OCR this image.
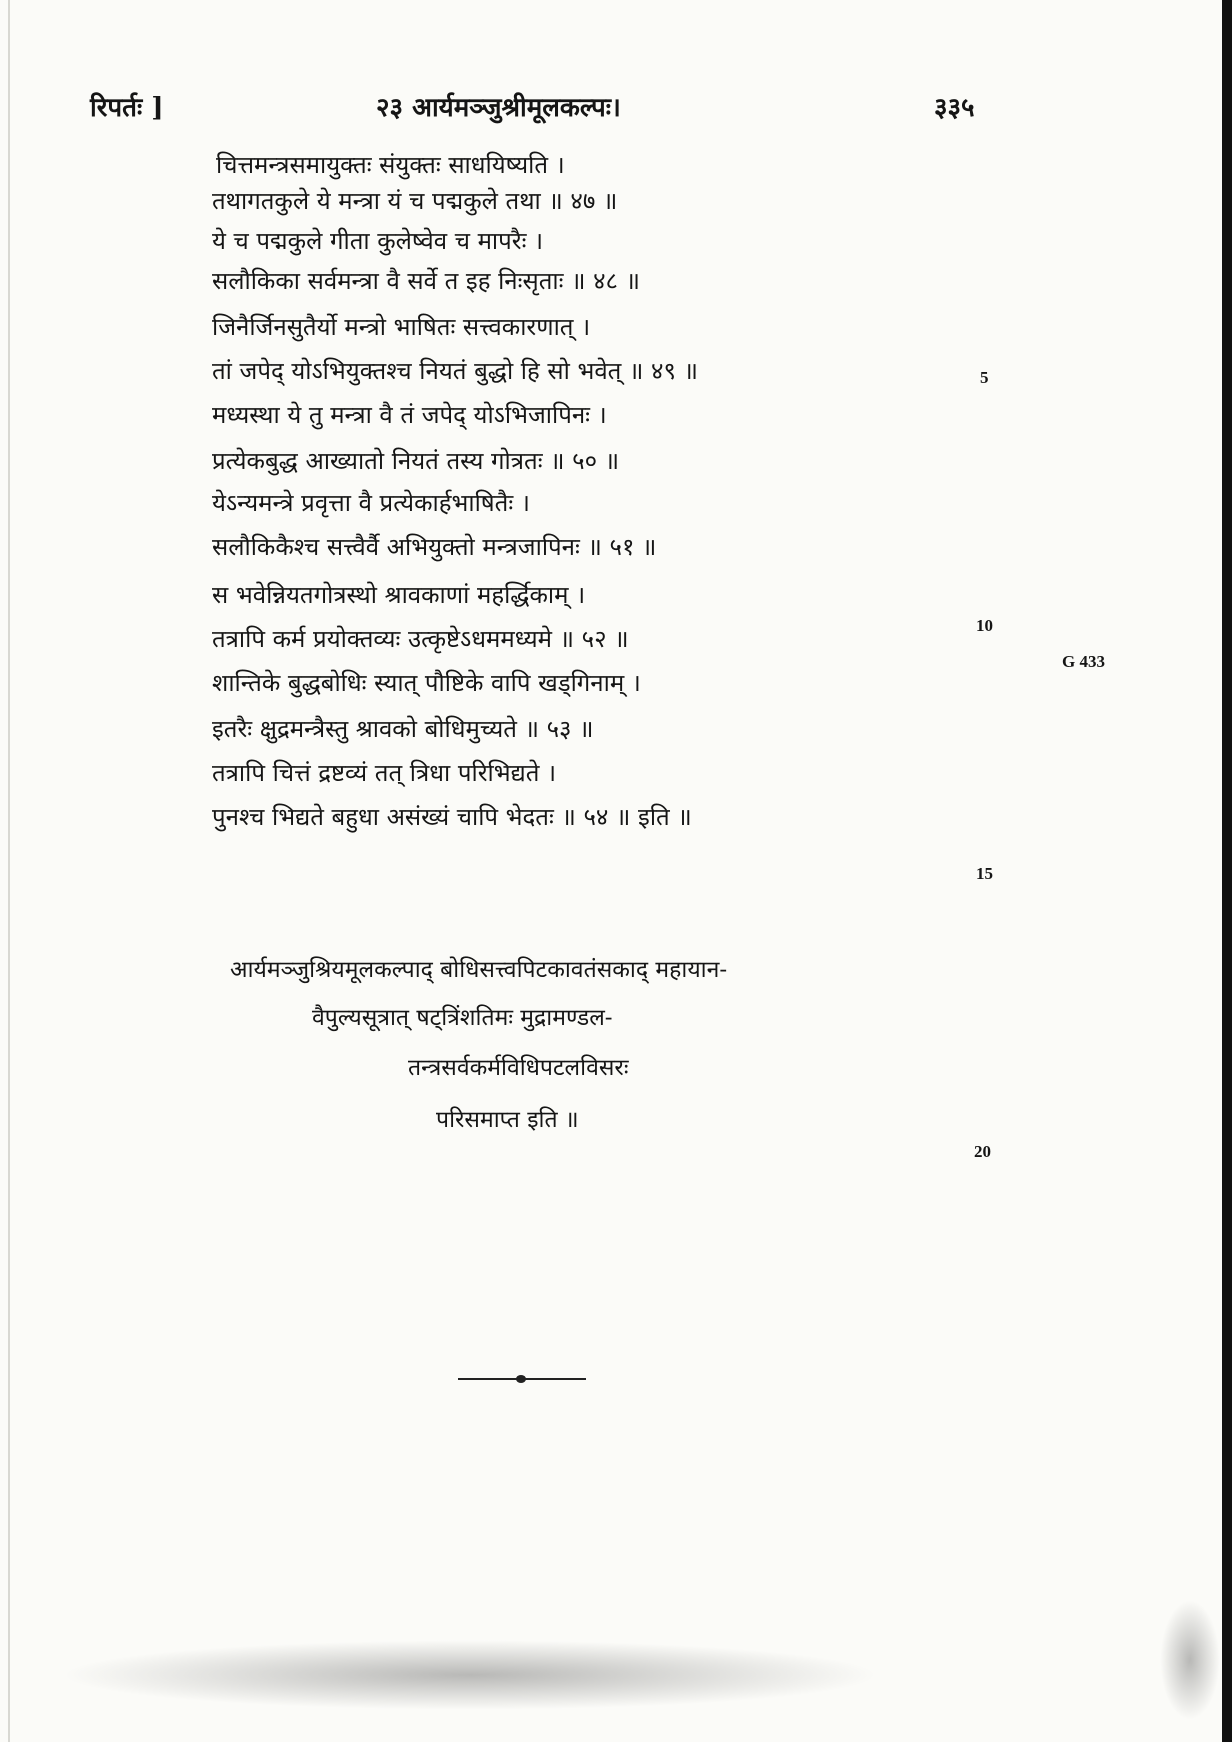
रिपर्तः ]	२३ आर्यमञ्जुश्रीमूलकल्पः।	३३५
चित्तमन्त्रसमायुक्तः संयुक्तः साधयिष्यति ।
तथागतकुले ये मन्त्रा यं च पद्मकुले तथा ॥ ४७ ॥
ये च पद्मकुले गीता कुलेष्वेव च मापरैः ।
सलौकिका सर्वमन्त्रा वै सर्वे त इह निःसृताः ॥ ४८ ॥
जिनैर्जिनसुतैर्यो मन्त्रो भाषितः सत्त्वकारणात् ।
तां जपेद् योऽभियुक्तश्च नियतं बुद्धो हि सो भवेत् ॥ ४९ ॥
मध्यस्था ये तु मन्त्रा वै तं जपेद् योऽभिजापिनः ।
प्रत्येकबुद्ध आख्यातो नियतं तस्य गोत्रतः ॥ ५० ॥
येऽन्यमन्त्रे प्रवृत्ता वै प्रत्येकार्हभाषितैः ।
सलौकिकैश्च सत्त्वैर्वै अभियुक्तो मन्त्रजापिनः ॥ ५१ ॥
स भवेन्नियतगोत्रस्थो श्रावकाणां महर्द्धिकाम् ।
तत्रापि कर्म प्रयोक्तव्यः उत्कृष्टेऽधममध्यमे ॥ ५२ ॥
शान्तिके बुद्धबोधिः स्यात् पौष्टिके वापि खड्गिनाम् ।
इतरैः क्षुद्रमन्त्रैस्तु श्रावको बोधिमुच्यते ॥ ५३ ॥
तत्रापि चित्तं द्रष्टव्यं तत् त्रिधा परिभिद्यते ।
पुनश्च भिद्यते बहुधा असंख्यं चापि भेदतः ॥ ५४ ॥ इति ॥
आर्यमञ्जुश्रियमूलकल्पाद् बोधिसत्त्वपिटकावतंसकाद् महायान-
वैपुल्यसूत्रात् षट्त्रिंशतिमः मुद्रामण्डल-
तन्त्रसर्वकर्मविधिपटलविसरः
परिसमाप्त इति ॥
5
10
G 433
15
20
